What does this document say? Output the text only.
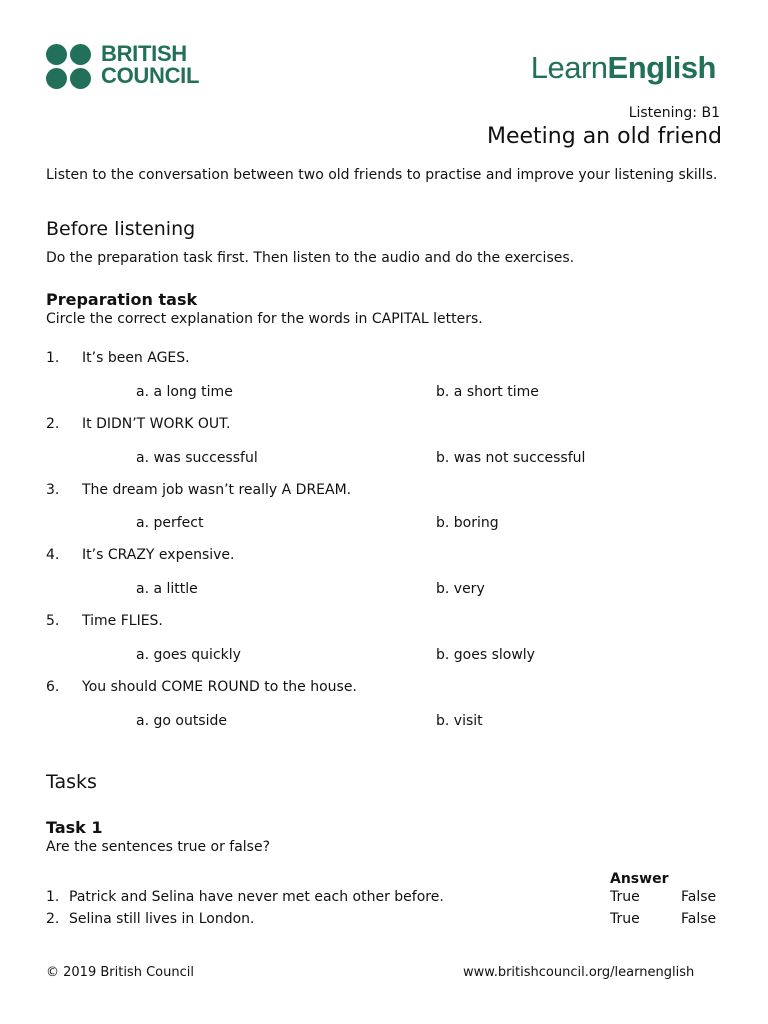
BRITISH
COUNCIL	LearnEnglish
Listening: B1
Meeting an old friend
Listen to the conversation between two old friends to practise and improve your listening skills.
Before listening
Do the preparation task first. Then listen to the audio and do the exercises.
Preparation task
Circle the correct explanation for the words in CAPITAL letters.
1. It’s been AGES.
a. a long time	b. a short time
2. It DIDN’T WORK OUT.
a. was successful	b. was not successful
3. The dream job wasn’t really A DREAM.
a. perfect	b. boring
4. It’s CRAZY expensive.
a. a little	b. very
5. Time FLIES.
a. goes quickly	b. goes slowly
6. You should COME ROUND to the house.
a. go outside	b. visit
Tasks
Task 1
Are the sentences true or false?
Answer
1. Patrick and Selina have never met each other before.	True	False
2. Selina still lives in London.	True	False
© 2019 British Council	www.britishcouncil.org/learnenglish
